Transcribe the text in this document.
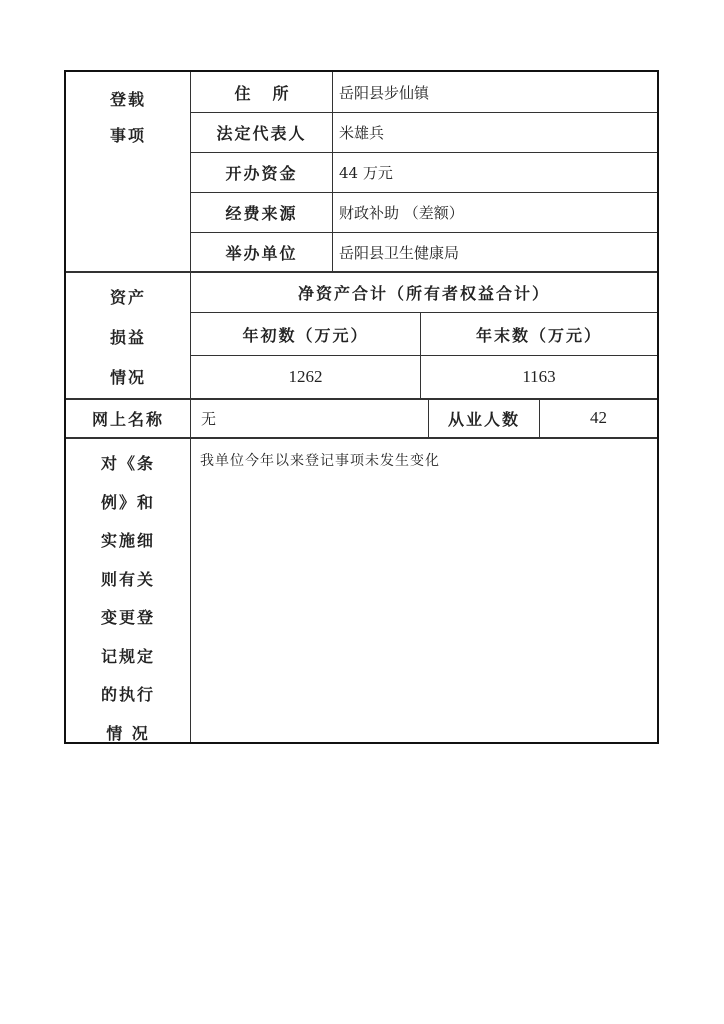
登载
事项
住所	岳阳县步仙镇
法定代表人	米雄兵
开办资金	44 万元
经费来源	财政补助 （差额）
举办单位	岳阳县卫生健康局
资产
损益
情况
净资产合计（所有者权益合计）
年初数（万元）	年末数（万元）
1262	1163
网上名称	无	从业人数	42
对《条
例》和
实施细
则有关
变更登
记规定
的执行
情 况
我单位今年以来登记事项未发生变化
